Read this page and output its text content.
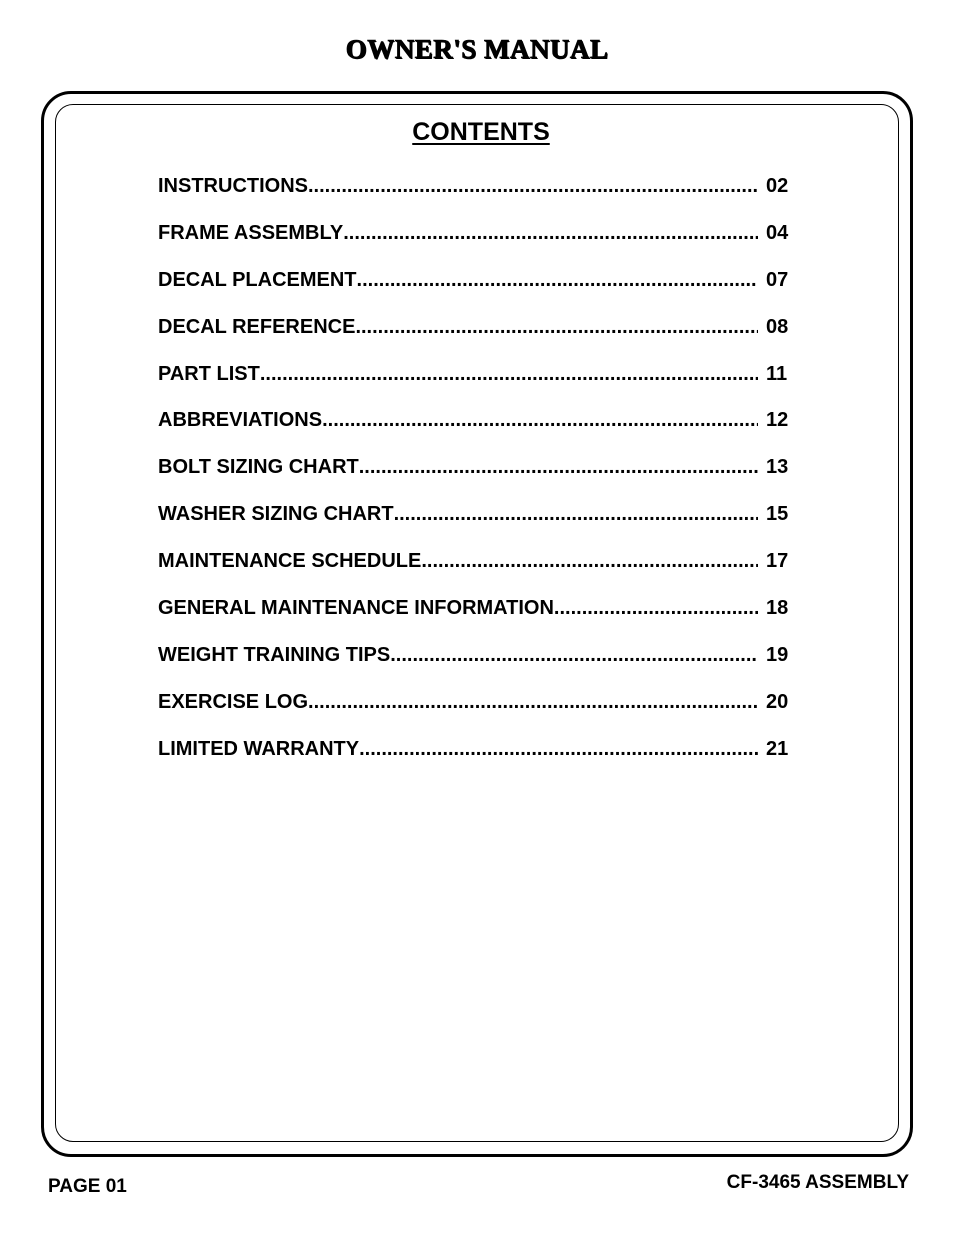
OWNER'S MANUAL
CONTENTS
INSTRUCTIONS .....	02
FRAME ASSEMBLY .....	04
DECAL PLACEMENT .....	07
DECAL REFERENCE .....	08
PART LIST .....	11
ABBREVIATIONS .....	12
BOLT SIZING CHART .....	13
WASHER SIZING CHART .....	15
MAINTENANCE SCHEDULE .....	17
GENERAL MAINTENANCE INFORMATION .....	18
WEIGHT TRAINING TIPS .....	19
EXERCISE LOG .....	20
LIMITED WARRANTY .....	21
PAGE 01	CF-3465 ASSEMBLY
